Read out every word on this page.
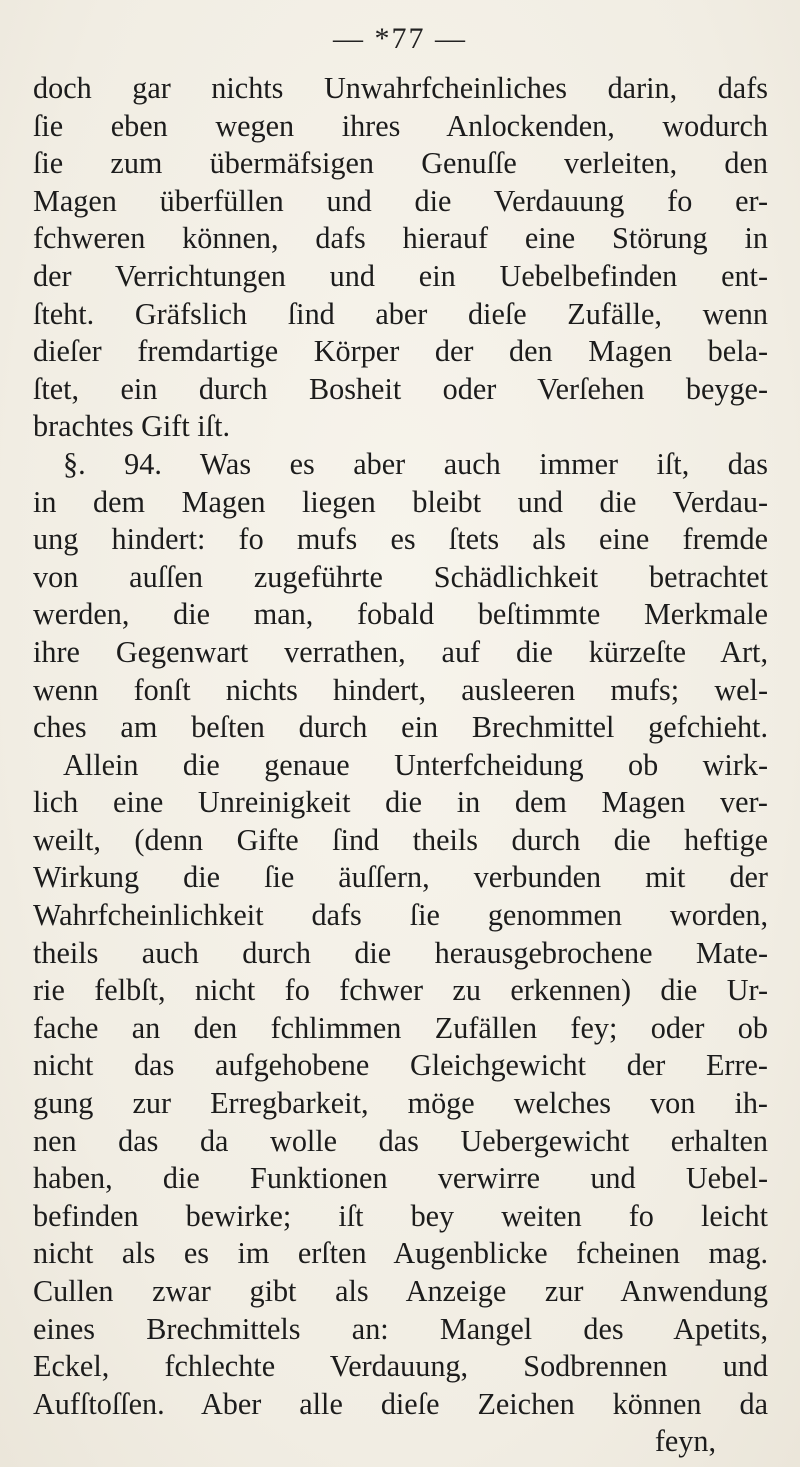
— *77 —
doch gar nichts Unwahrfcheinliches darin, dafs
ſie eben wegen ihres Anlockenden, wodurch
ſie zum übermäfsigen Genuſſe verleiten, den
Magen überfüllen und die Verdauung fo er-
fchweren können, dafs hierauf eine Störung in
der Verrichtungen und ein Uebelbefinden ent-
ſteht. Gräfslich ſind aber dieſe Zufälle, wenn
dieſer fremdartige Körper der den Magen bela-
ſtet, ein durch Bosheit oder Verſehen beyge-
brachtes Gift iſt.
§. 94. Was es aber auch immer iſt, das
in dem Magen liegen bleibt und die Verdau-
ung hindert: fo mufs es ſtets als eine fremde
von auſſen zugeführte Schädlichkeit betrachtet
werden, die man, fobald beſtimmte Merkmale
ihre Gegenwart verrathen, auf die kürzeſte Art,
wenn fonſt nichts hindert, ausleeren mufs; wel-
ches am beſten durch ein Brechmittel gefchieht.
Allein die genaue Unterfcheidung ob wirk-
lich eine Unreinigkeit die in dem Magen ver-
weilt, (denn Gifte ſind theils durch die heftige
Wirkung die ſie äuſſern, verbunden mit der
Wahrfcheinlichkeit dafs ſie genommen worden,
theils auch durch die herausgebrochene Mate-
rie felbſt, nicht fo fchwer zu erkennen) die Ur-
fache an den fchlimmen Zufällen fey; oder ob
nicht das aufgehobene Gleichgewicht der Erre-
gung zur Erregbarkeit, möge welches von ih-
nen das da wolle das Uebergewicht erhalten
haben, die Funktionen verwirre und Uebel-
befinden bewirke; iſt bey weiten fo leicht
nicht als es im erſten Augenblicke fcheinen mag.
Cullen zwar gibt als Anzeige zur Anwendung
eines Brechmittels an: Mangel des Apetits,
Eckel, fchlechte Verdauung, Sodbrennen und
Aufſtoſſen. Aber alle dieſe Zeichen können da
feyn,
